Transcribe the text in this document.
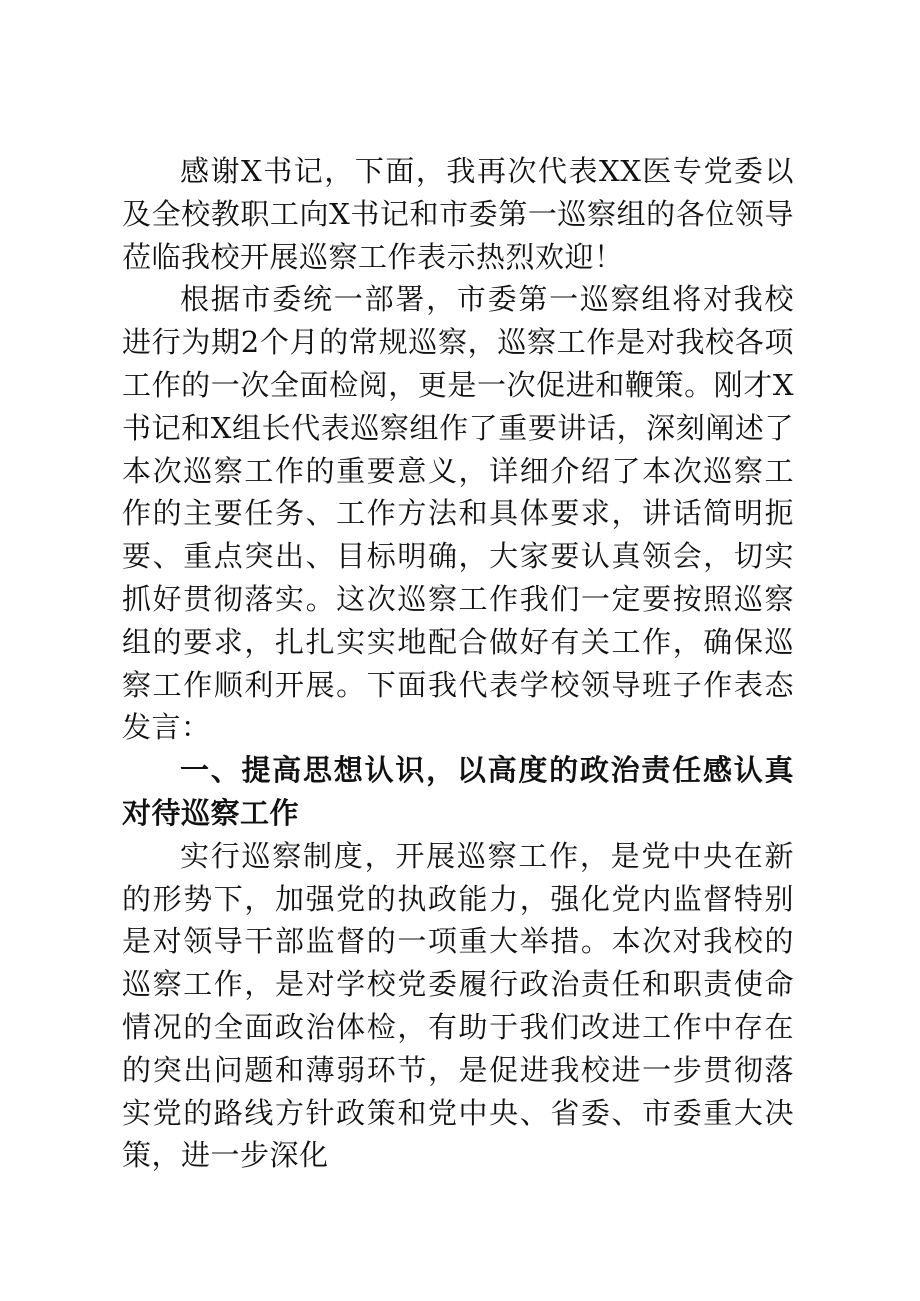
感谢X书记，下面，我再次代表XX医专党委以及全校教职工向X书记和市委第一巡察组的各位领导莅临我校开展巡察工作表示热烈欢迎！

根据市委统一部署，市委第一巡察组将对我校进行为期2个月的常规巡察，巡察工作是对我校各项工作的一次全面检阅，更是一次促进和鞭策。刚才X书记和X组长代表巡察组作了重要讲话，深刻阐述了本次巡察工作的重要意义，详细介绍了本次巡察工作的主要任务、工作方法和具体要求，讲话简明扼要、重点突出、目标明确，大家要认真领会，切实抓好贯彻落实。这次巡察工作我们一定要按照巡察组的要求，扎扎实实地配合做好有关工作，确保巡察工作顺利开展。下面我代表学校领导班子作表态发言：

一、提高思想认识，以高度的政治责任感认真对待巡察工作

实行巡察制度，开展巡察工作，是党中央在新的形势下，加强党的执政能力，强化党内监督特别是对领导干部监督的一项重大举措。本次对我校的巡察工作，是对学校党委履行政治责任和职责使命情况的全面政治体检，有助于我们改进工作中存在的突出问题和薄弱环节，是促进我校进一步贯彻落实党的路线方针政策和党中央、省委、市委重大决策，进一步深化
